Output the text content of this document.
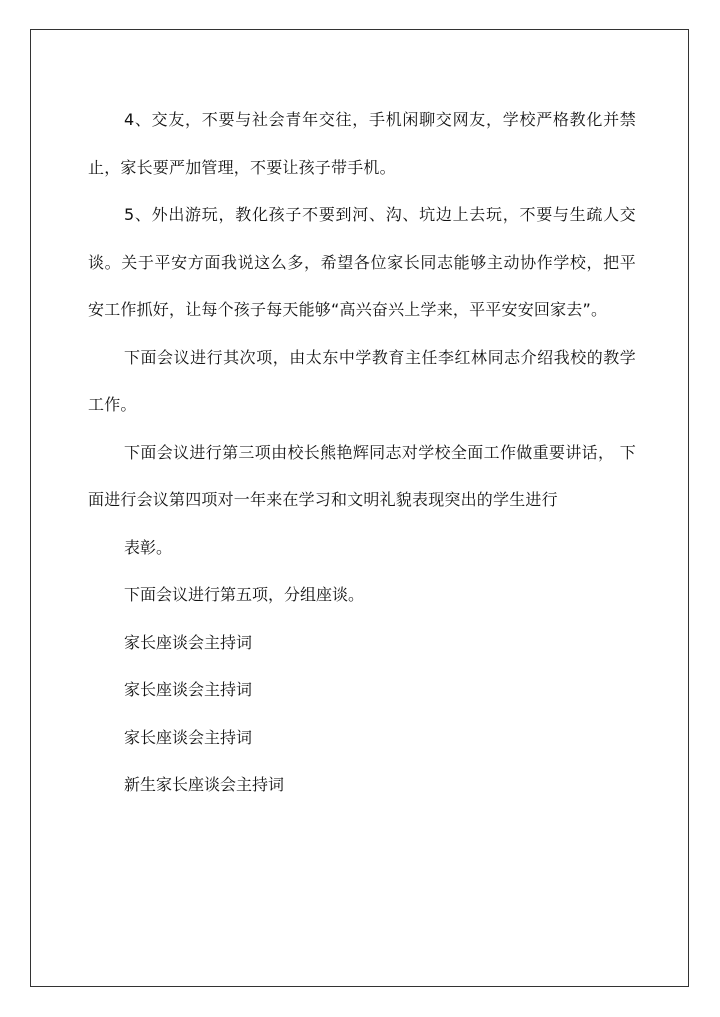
4、交友，不要与社会青年交往，手机闲聊交网友，学校严格教化并禁止，家长要严加管理，不要让孩子带手机。

5、外出游玩，教化孩子不要到河、沟、坑边上去玩，不要与生疏人交谈。关于平安方面我说这么多，希望各位家长同志能够主动协作学校，把平安工作抓好，让每个孩子每天能够“高兴奋兴上学来，平平安安回家去”。

下面会议进行其次项，由太东中学教育主任李红林同志介绍我校的教学工作。

下面会议进行第三项由校长熊艳辉同志对学校全面工作做重要讲话， 下面进行会议第四项对一年来在学习和文明礼貌表现突出的学生进行

表彰。

下面会议进行第五项，分组座谈。

家长座谈会主持词

家长座谈会主持词

家长座谈会主持词

新生家长座谈会主持词
